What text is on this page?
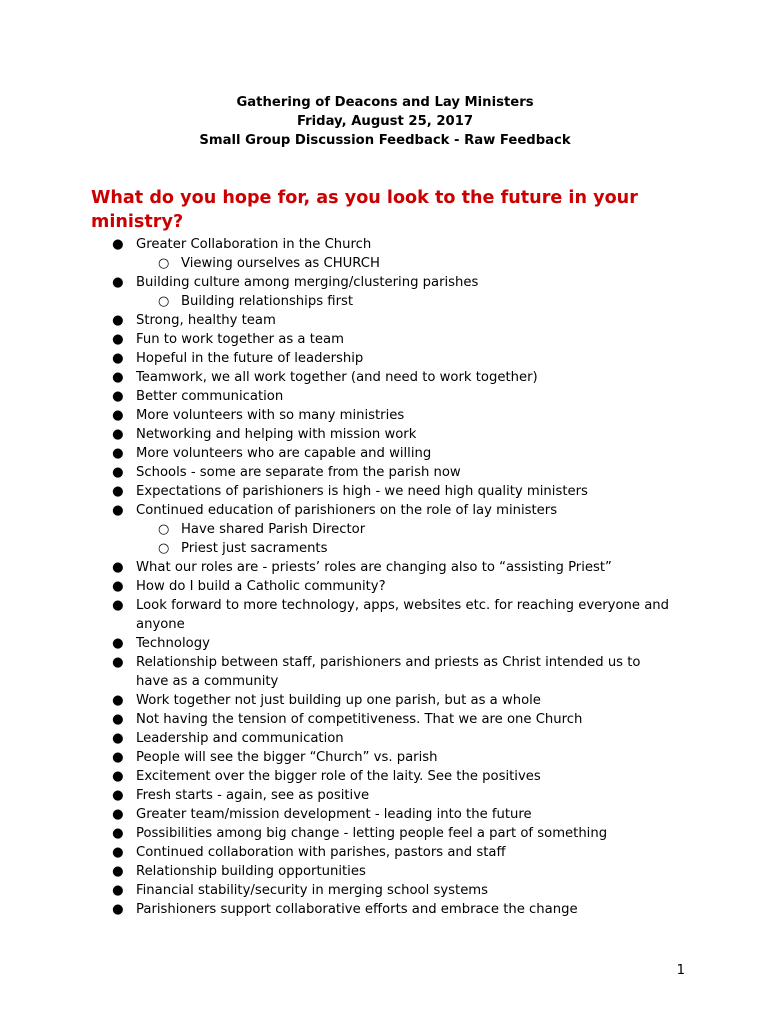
Gathering of Deacons and Lay Ministers
Friday, August 25, 2017
Small Group Discussion Feedback - Raw Feedback
What do you hope for, as you look to the future in your ministry?
● Greater Collaboration in the Church
○ Viewing ourselves as CHURCH
● Building culture among merging/clustering parishes
○ Building relationships first
● Strong, healthy team
● Fun to work together as a team
● Hopeful in the future of leadership
● Teamwork, we all work together (and need to work together)
● Better communication
● More volunteers with so many ministries
● Networking and helping with mission work
● More volunteers who are capable and willing
● Schools - some are separate from the parish now
● Expectations of parishioners is high - we need high quality ministers
● Continued education of parishioners on the role of lay ministers
○ Have shared Parish Director
○ Priest just sacraments
● What our roles are - priests’ roles are changing also to “assisting Priest”
● How do I build a Catholic community?
● Look forward to more technology, apps, websites etc. for reaching everyone and anyone
● Technology
● Relationship between staff, parishioners and priests as Christ intended us to have as a community
● Work together not just building up one parish, but as a whole
● Not having the tension of competitiveness. That we are one Church
● Leadership and communication
● People will see the bigger “Church” vs. parish
● Excitement over the bigger role of the laity. See the positives
● Fresh starts - again, see as positive
● Greater team/mission development - leading into the future
● Possibilities among big change - letting people feel a part of something
● Continued collaboration with parishes, pastors and staff
● Relationship building opportunities
● Financial stability/security in merging school systems
● Parishioners support collaborative efforts and embrace the change
1
